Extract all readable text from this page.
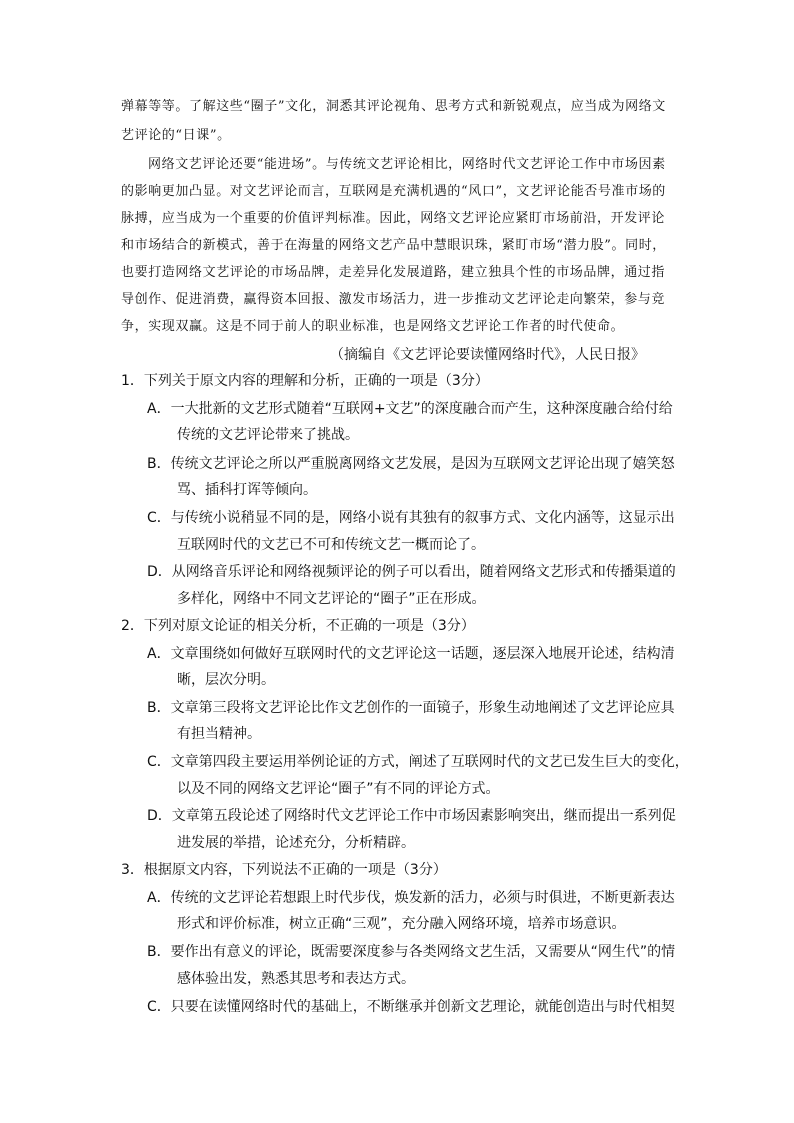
弹幕等等。了解这些“圈子”文化，洞悉其评论视角、思考方式和新锐观点，应当成为网络文
艺评论的“日课”。
网络文艺评论还要“能进场”。与传统文艺评论相比，网络时代文艺评论工作中市场因素
的影响更加凸显。对文艺评论而言，互联网是充满机遇的“风口”，文艺评论能否号准市场的
脉搏，应当成为一个重要的价值评判标准。因此，网络文艺评论应紧盯市场前沿，开发评论
和市场结合的新模式，善于在海量的网络文艺产品中慧眼识珠，紧盯市场“潜力股”。同时，
也要打造网络文艺评论的市场品牌，走差异化发展道路，建立独具个性的市场品牌，通过指
导创作、促进消费，赢得资本回报、激发市场活力，进一步推动文艺评论走向繁荣，参与竞
争，实现双赢。这是不同于前人的职业标准，也是网络文艺评论工作者的时代使命。
（摘编自《文艺评论要读懂网络时代》，人民日报》
1．下列关于原文内容的理解和分析，正确的一项是（3分）
A．一大批新的文艺形式随着“互联网+文艺”的深度融合而产生，这种深度融合给付给
传统的文艺评论带来了挑战。
B．传统文艺评论之所以严重脱离网络文艺发展，是因为互联网文艺评论出现了嬉笑怒
骂、插科打诨等倾向。
C．与传统小说稍显不同的是，网络小说有其独有的叙事方式、文化内涵等，这显示出
互联网时代的文艺已不可和传统文艺一概而论了。
D．从网络音乐评论和网络视频评论的例子可以看出，随着网络文艺形式和传播渠道的
多样化，网络中不同文艺评论的“圈子”正在形成。
2．下列对原文论证的相关分析，不正确的一项是（3分）
A．文章围绕如何做好互联网时代的文艺评论这一话题，逐层深入地展开论述，结构清
晰，层次分明。
B．文章第三段将文艺评论比作文艺创作的一面镜子，形象生动地阐述了文艺评论应具
有担当精神。
C．文章第四段主要运用举例论证的方式，阐述了互联网时代的文艺已发生巨大的变化，
以及不同的网络文艺评论“圈子”有不同的评论方式。
D．文章第五段论述了网络时代文艺评论工作中市场因素影响突出，继而提出一系列促
进发展的举措，论述充分，分析精辟。
3．根据原文内容，下列说法不正确的一项是（3分）
A．传统的文艺评论若想跟上时代步伐，焕发新的活力，必须与时俱进，不断更新表达
形式和评价标准，树立正确“三观”，充分融入网络环境，培养市场意识。
B．要作出有意义的评论，既需要深度参与各类网络文艺生活，又需要从“网生代”的情
感体验出发，熟悉其思考和表达方式。
C．只要在读懂网络时代的基础上，不断继承并创新文艺理论，就能创造出与时代相契
